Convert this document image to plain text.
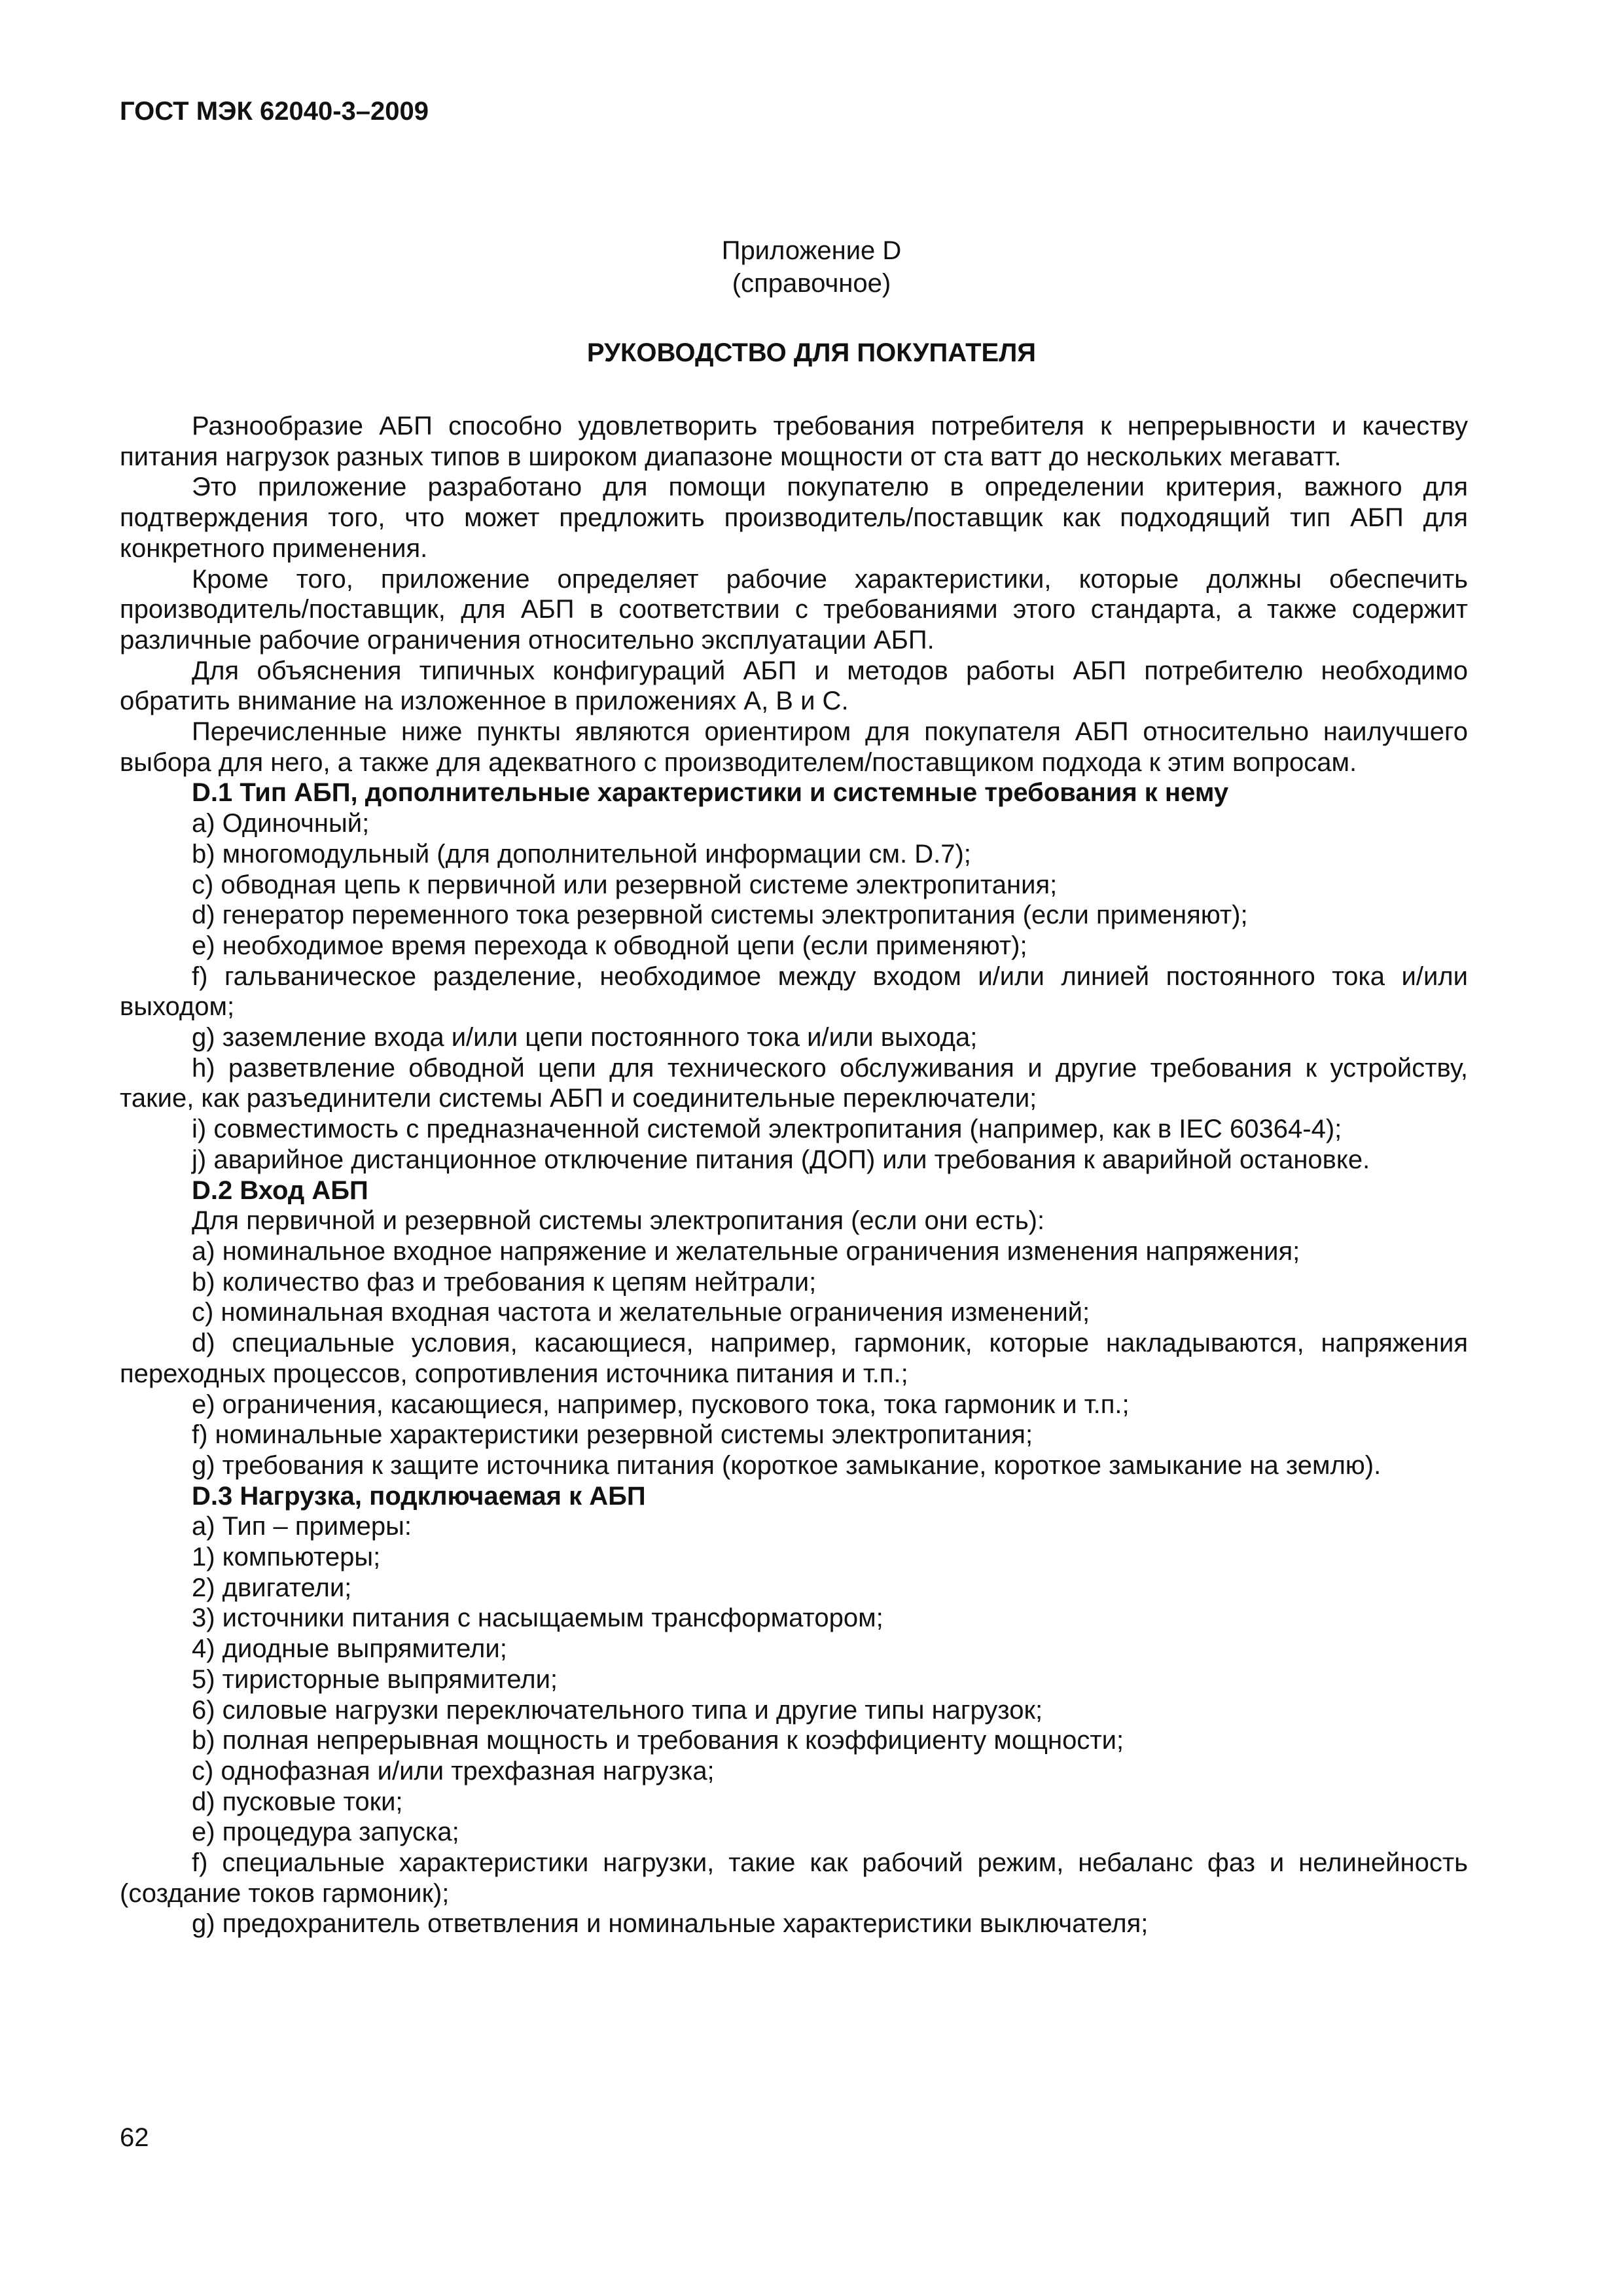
ГОСТ МЭК 62040-3–2009
Приложение D
(справочное)
РУКОВОДСТВО ДЛЯ ПОКУПАТЕЛЯ

Разнообразие АБП способно удовлетворить требования потребителя к непрерывности и качеству питания нагрузок разных типов в широком диапазоне мощности от ста ватт до нескольких мегаватт.

Это приложение разработано для помощи покупателю в определении критерия, важного для подтверждения того, что может предложить производитель/поставщик как подходящий тип АБП для конкретного применения.

Кроме того, приложение определяет рабочие характеристики, которые должны обеспечить производитель/поставщик, для АБП в соответствии с требованиями этого стандарта, а также содержит различные рабочие ограничения относительно эксплуатации АБП.

Для объяснения типичных конфигураций АБП и методов работы АБП потребителю необходимо обратить внимание на изложенное в приложениях А, В и С.

Перечисленные ниже пункты являются ориентиром для покупателя АБП относительно наилучшего выбора для него, а также для адекватного с производителем/поставщиком подхода к этим вопросам.

D.1 Тип АБП, дополнительные характеристики и системные требования к нему

a) Одиночный;

b) многомодульный (для дополнительной информации см. D.7);

c) обводная цепь к первичной или резервной системе электропитания;

d) генератор переменного тока резервной системы электропитания (если применяют);

e) необходимое время перехода к обводной цепи (если применяют);

f) гальваническое разделение, необходимое между входом и/или линией постоянного тока и/или выходом;

g) заземление входа и/или цепи постоянного тока и/или выхода;

h) разветвление обводной цепи для технического обслуживания и другие требования к устройству, такие, как разъединители системы АБП и соединительные переключатели;

i) совместимость с предназначенной системой электропитания (например, как в IEC 60364-4);

j) аварийное дистанционное отключение питания (ДОП) или требования к аварийной остановке.

D.2 Вход АБП

Для первичной и резервной системы электропитания (если они есть):

a) номинальное входное напряжение и желательные ограничения изменения напряжения;

b) количество фаз и требования к цепям нейтрали;

c) номинальная входная частота и желательные ограничения изменений;

d) специальные условия, касающиеся, например, гармоник, которые накладываются, напряжения переходных процессов, сопротивления источника питания и т.п.;

e) ограничения, касающиеся, например, пускового тока, тока гармоник и т.п.;

f) номинальные характеристики резервной системы электропитания;

g) требования к защите источника питания (короткое замыкание, короткое замыкание на землю).

D.3 Нагрузка, подключаемая к АБП

a) Тип – примеры:

1) компьютеры;

2) двигатели;

3) источники питания с насыщаемым трансформатором;

4) диодные выпрямители;

5) тиристорные выпрямители;

6) силовые нагрузки переключательного типа и другие типы нагрузок;

b) полная непрерывная мощность и требования к коэффициенту мощности;

c) однофазная и/или трехфазная нагрузка;

d) пусковые токи;

e) процедура запуска;

f) специальные характеристики нагрузки, такие как рабочий режим, небаланс фаз и нелинейность (создание токов гармоник);

g) предохранитель ответвления и номинальные характеристики выключателя;

62
